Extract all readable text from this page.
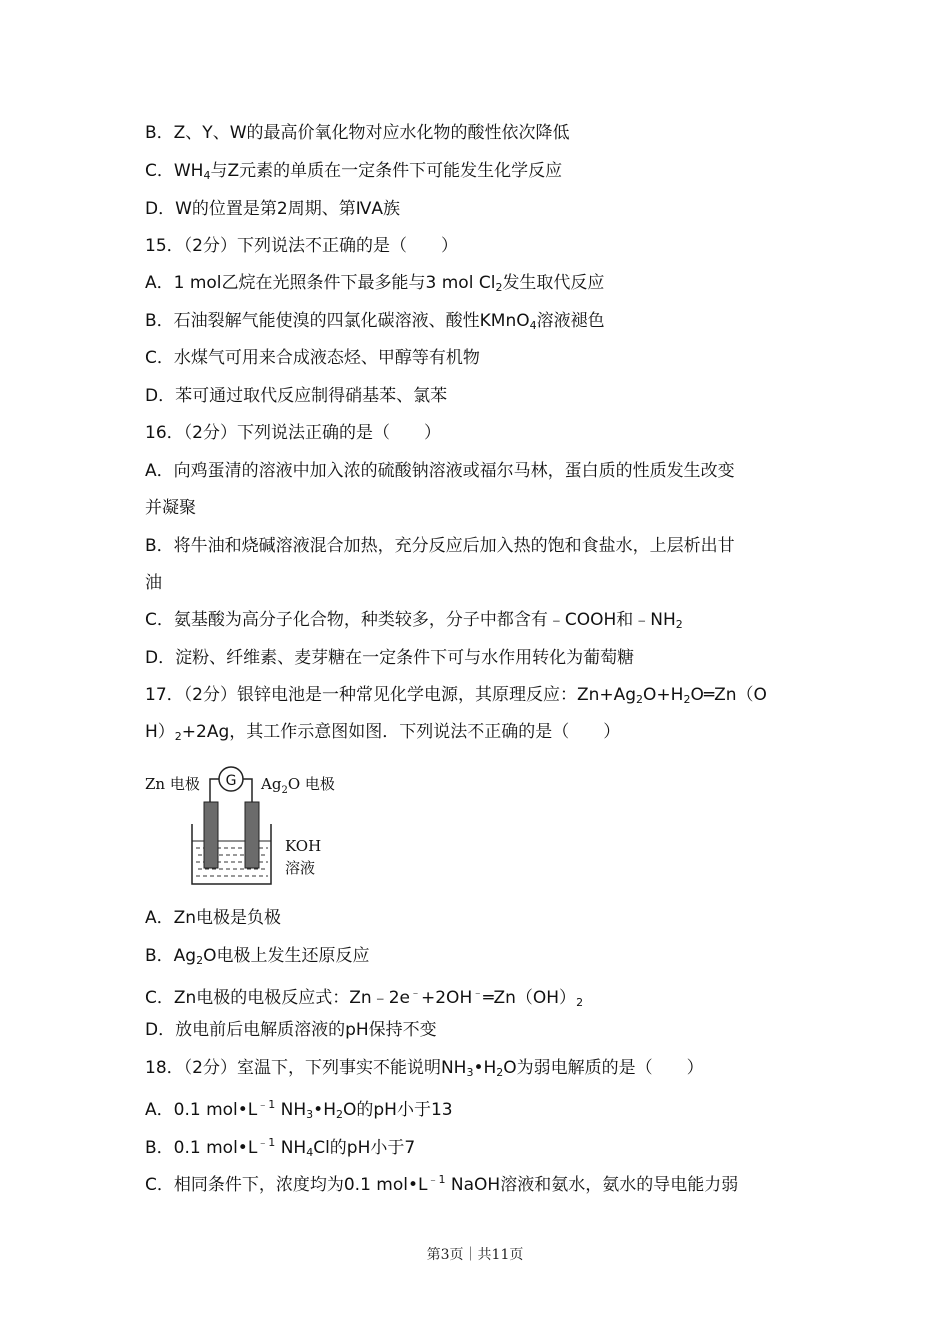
B．Z、Y、W的最高价氧化物对应水化物的酸性依次降低
C．$WH_4$与Z元素的单质在一定条件下可能发生化学反应
D．W的位置是第2周期、第ⅣA族
15．（2分）下列说法不正确的是（　　）
A．1 mol乙烷在光照条件下最多能与3 mol $Cl_2$发生取代反应
B．石油裂解气能使溴的四氯化碳溶液、酸性KMnO$_4$溶液褪色
C．水煤气可用来合成液态烃、甲醇等有机物
D．苯可通过取代反应制得硝基苯、氯苯
16．（2分）下列说法正确的是（　　）
A．向鸡蛋清的溶液中加入浓的硫酸钠溶液或福尔马林，蛋白质的性质发生改变
并凝聚
B．将牛油和烧碱溶液混合加热，充分反应后加入热的饱和食盐水，上层析出甘
油
C．氨基酸为高分子化合物，种类较多，分子中都含有﹣COOH和$﹣NH_2$
D．淀粉、纤维素、麦芽糖在一定条件下可与水作用转化为葡萄糖
17．（2分）银锌电池是一种常见化学电源，其原理反应：$Zn+Ag_2O+H_2O═Zn(O$
$H)_2+2Ag$，其工作示意图如图．下列说法不正确的是（　　）
Zn 电极 G $Ag_2O$ 电极
KOH
溶液
A．Zn电极是负极
B．$Ag_2O$电极上发生还原反应
C．Zn电极的电极反应式：$Zn﹣2e^﹣+2OH^﹣═Zn(OH)_2$
D．放电前后电解质溶液的pH保持不变
18．（2分）室温下，下列事实不能说明$NH_3•H_2O$为弱电解质的是（　　）
A．0.1 $mol•L^{﹣1}$ $NH_3•H_2O$的pH小于13
B．0.1 $mol•L^{﹣1}$ $NH_4Cl$的pH小于7
C．相同条件下，浓度均为0.1 $mol•L^{﹣1}$ NaOH溶液和氨水，氨水的导电能力弱
第3页｜共11页
